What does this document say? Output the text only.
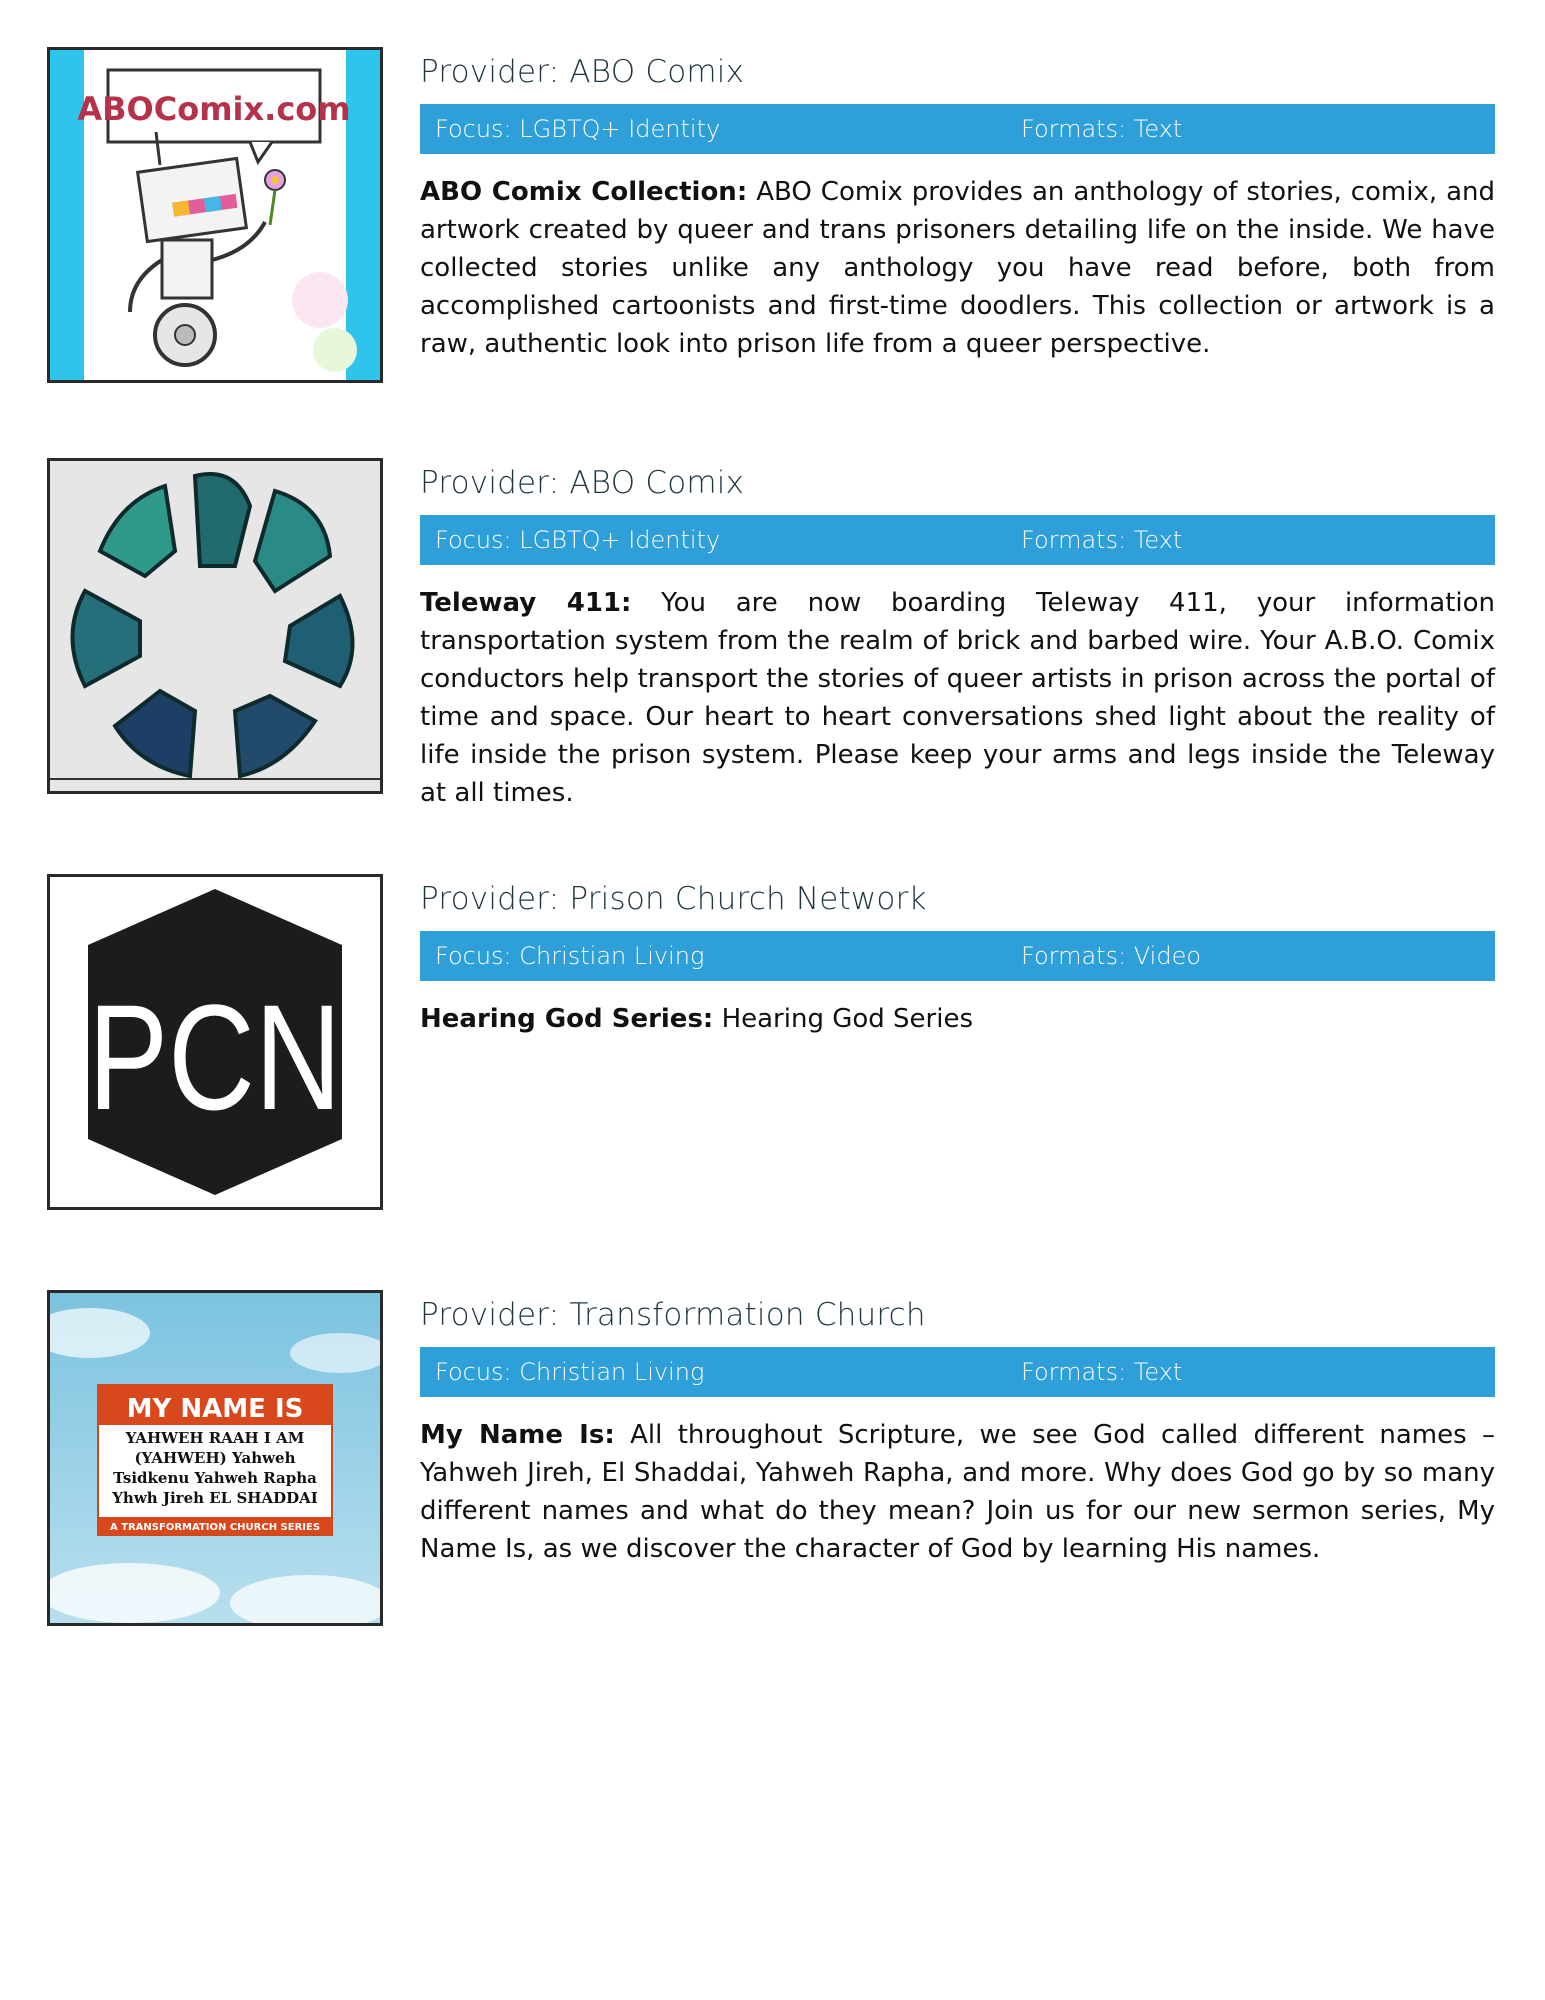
ABOComix.com
Provider: ABO Comix
Focus: LGBTQ+ Identity	Formats: Text
ABO Comix Collection: ABO Comix provides an anthology of stories, comix, and artwork created by queer and trans prisoners detailing life on the inside. We have collected stories unlike any anthology you have read before, both from accomplished cartoonists and first-time doodlers. This collection or artwork is a raw, authentic look into prison life from a queer perspective.
Teleway 411
Provider: ABO Comix
Focus: LGBTQ+ Identity	Formats: Text
Teleway 411: You are now boarding Teleway 411, your information transportation system from the realm of brick and barbed wire. Your A.B.O. Comix conductors help transport the stories of queer artists in prison across the portal of time and space. Our heart to heart conversations shed light about the reality of life inside the prison system. Please keep your arms and legs inside the Teleway at all times.
PCN
Provider: Prison Church Network
Focus: Christian Living	Formats: Video
Hearing God Series: Hearing God Series
MY NAME IS
YAHWEH RAAH I AM (YAHWEH) Yahweh Tsidkenu Yahweh Rapha Yhwh Jireh EL SHADDAI
A TRANSFORMATION CHURCH SERIES
Provider: Transformation Church
Focus: Christian Living	Formats: Text
My Name Is: All throughout Scripture, we see God called different names – Yahweh Jireh, El Shaddai, Yahweh Rapha, and more. Why does God go by so many different names and what do they mean? Join us for our new sermon series, My Name Is, as we discover the character of God by learning His names.
